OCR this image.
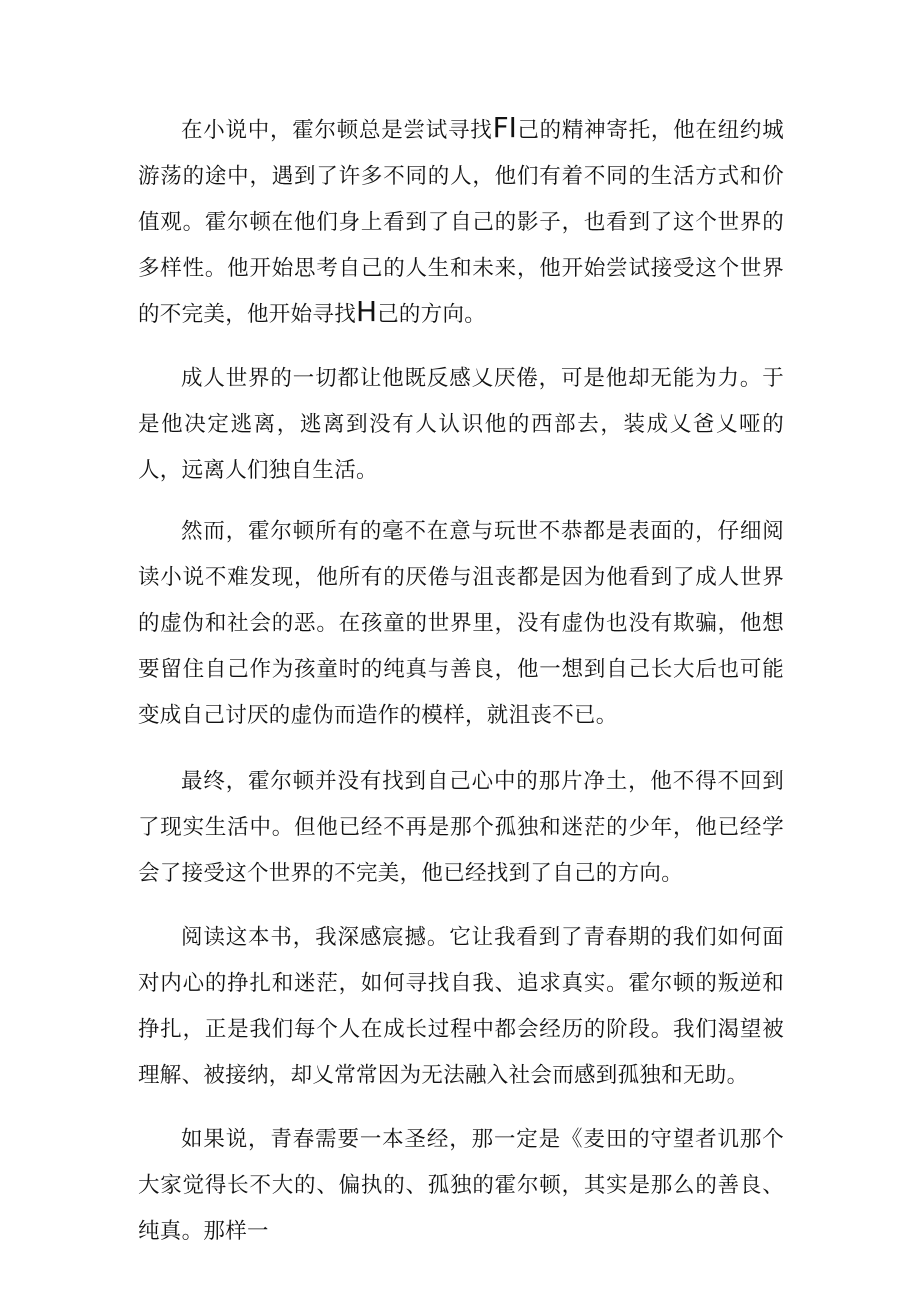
在小说中，霍尔顿总是尝试寻找FI己的精神寄托，他在纽约城游荡的途中，遇到了许多不同的人，他们有着不同的生活方式和价值观。霍尔顿在他们身上看到了自己的影子，也看到了这个世界的多样性。他开始思考自己的人生和未来，他开始尝试接受这个世界的不完美，他开始寻找H己的方向。

成人世界的一切都让他既反感乂厌倦，可是他却无能为力。于是他决定逃离，逃离到没有人认识他的西部去，装成乂爸乂哑的人，远离人们独自生活。

然而，霍尔顿所有的毫不在意与玩世不恭都是表面的，仔细阅读小说不难发现，他所有的厌倦与沮丧都是因为他看到了成人世界的虚伪和社会的恶。在孩童的世界里，没有虚伪也没有欺骗，他想要留住自己作为孩童时的纯真与善良，他一想到自己长大后也可能变成自己讨厌的虚伪而造作的模样，就沮丧不已。

最终，霍尔顿并没有找到自己心中的那片净土，他不得不回到了现实生活中。但他已经不再是那个孤独和迷茫的少年，他已经学会了接受这个世界的不完美，他已经找到了自己的方向。

阅读这本书，我深感宸撼。它让我看到了青春期的我们如何面对内心的挣扎和迷茫，如何寻找自我、追求真实。霍尔顿的叛逆和挣扎，正是我们每个人在成长过程中都会经历的阶段。我们渴望被理解、被接纳，却乂常常因为无法融入社会而感到孤独和无助。

如果说，青春需要一本圣经，那一定是《麦田的守望者讥那个大家觉得长不大的、偏执的、孤独的霍尔顿，其实是那么的善良、纯真。那样一
